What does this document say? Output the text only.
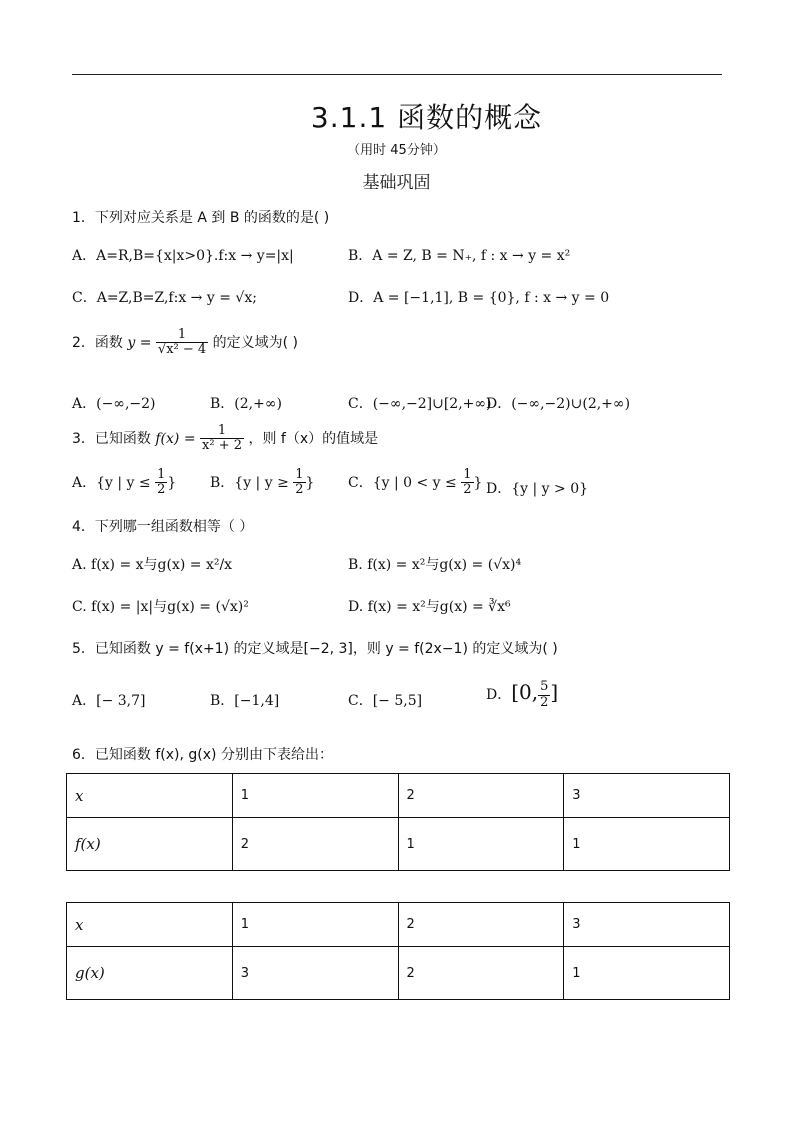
3.1.1 函数的概念
（用时 45分钟）
基础巩固
1．下列对应关系是 A 到 B 的函数的是( )
A．A=R,B={x|x>0}.f:x → y=|x|	B．A = Z, B = N₊, f : x → y = x²
C．A=Z,B=Z,f:x → y = √x;	D．A = [−1,1], B = {0}, f : x → y = 0
2．函数 $y = \frac{1}{\text{√x² − 4}}$ 的定义域为( )
A．(−∞,−2)	B．(2,+∞)	C．(−∞,−2]∪[2,+∞)
D．(−∞,−2)∪(2,+∞)
3．已知函数 $f(x) = \frac{1}{\text{x² + 2}}$ ，则 f（x）的值域是
A．{y | $y \le \frac{1}{2}$ } B．{y | $y \ge \frac{1}{2}$ } C．{y | $0 < y \le \frac{1}{2}$ } D．{y | y > 0}
4．下列哪一组函数相等（ ）
A. f(x) = x与g(x) = x²/x	B. f(x) = x²与g(x) = (√x)⁴
C. f(x) = |x|与g(x) = (√x)²	D. f(x) = x²与g(x) = ∛x⁶
5．已知函数 y = f(x+1) 的定义域是[−2, 3]，则 y = f(2x−1) 的定义域为( )
A．[− 3,7]	B．[−1,4]	C．[− 5,5]	D．[0, $\frac{5}{2}$ ]
6．已知函数 f(x), g(x) 分别由下表给出：
x	1	2	3
f(x)	2	1	1
x	1	2	3
g(x)	3	2	1
